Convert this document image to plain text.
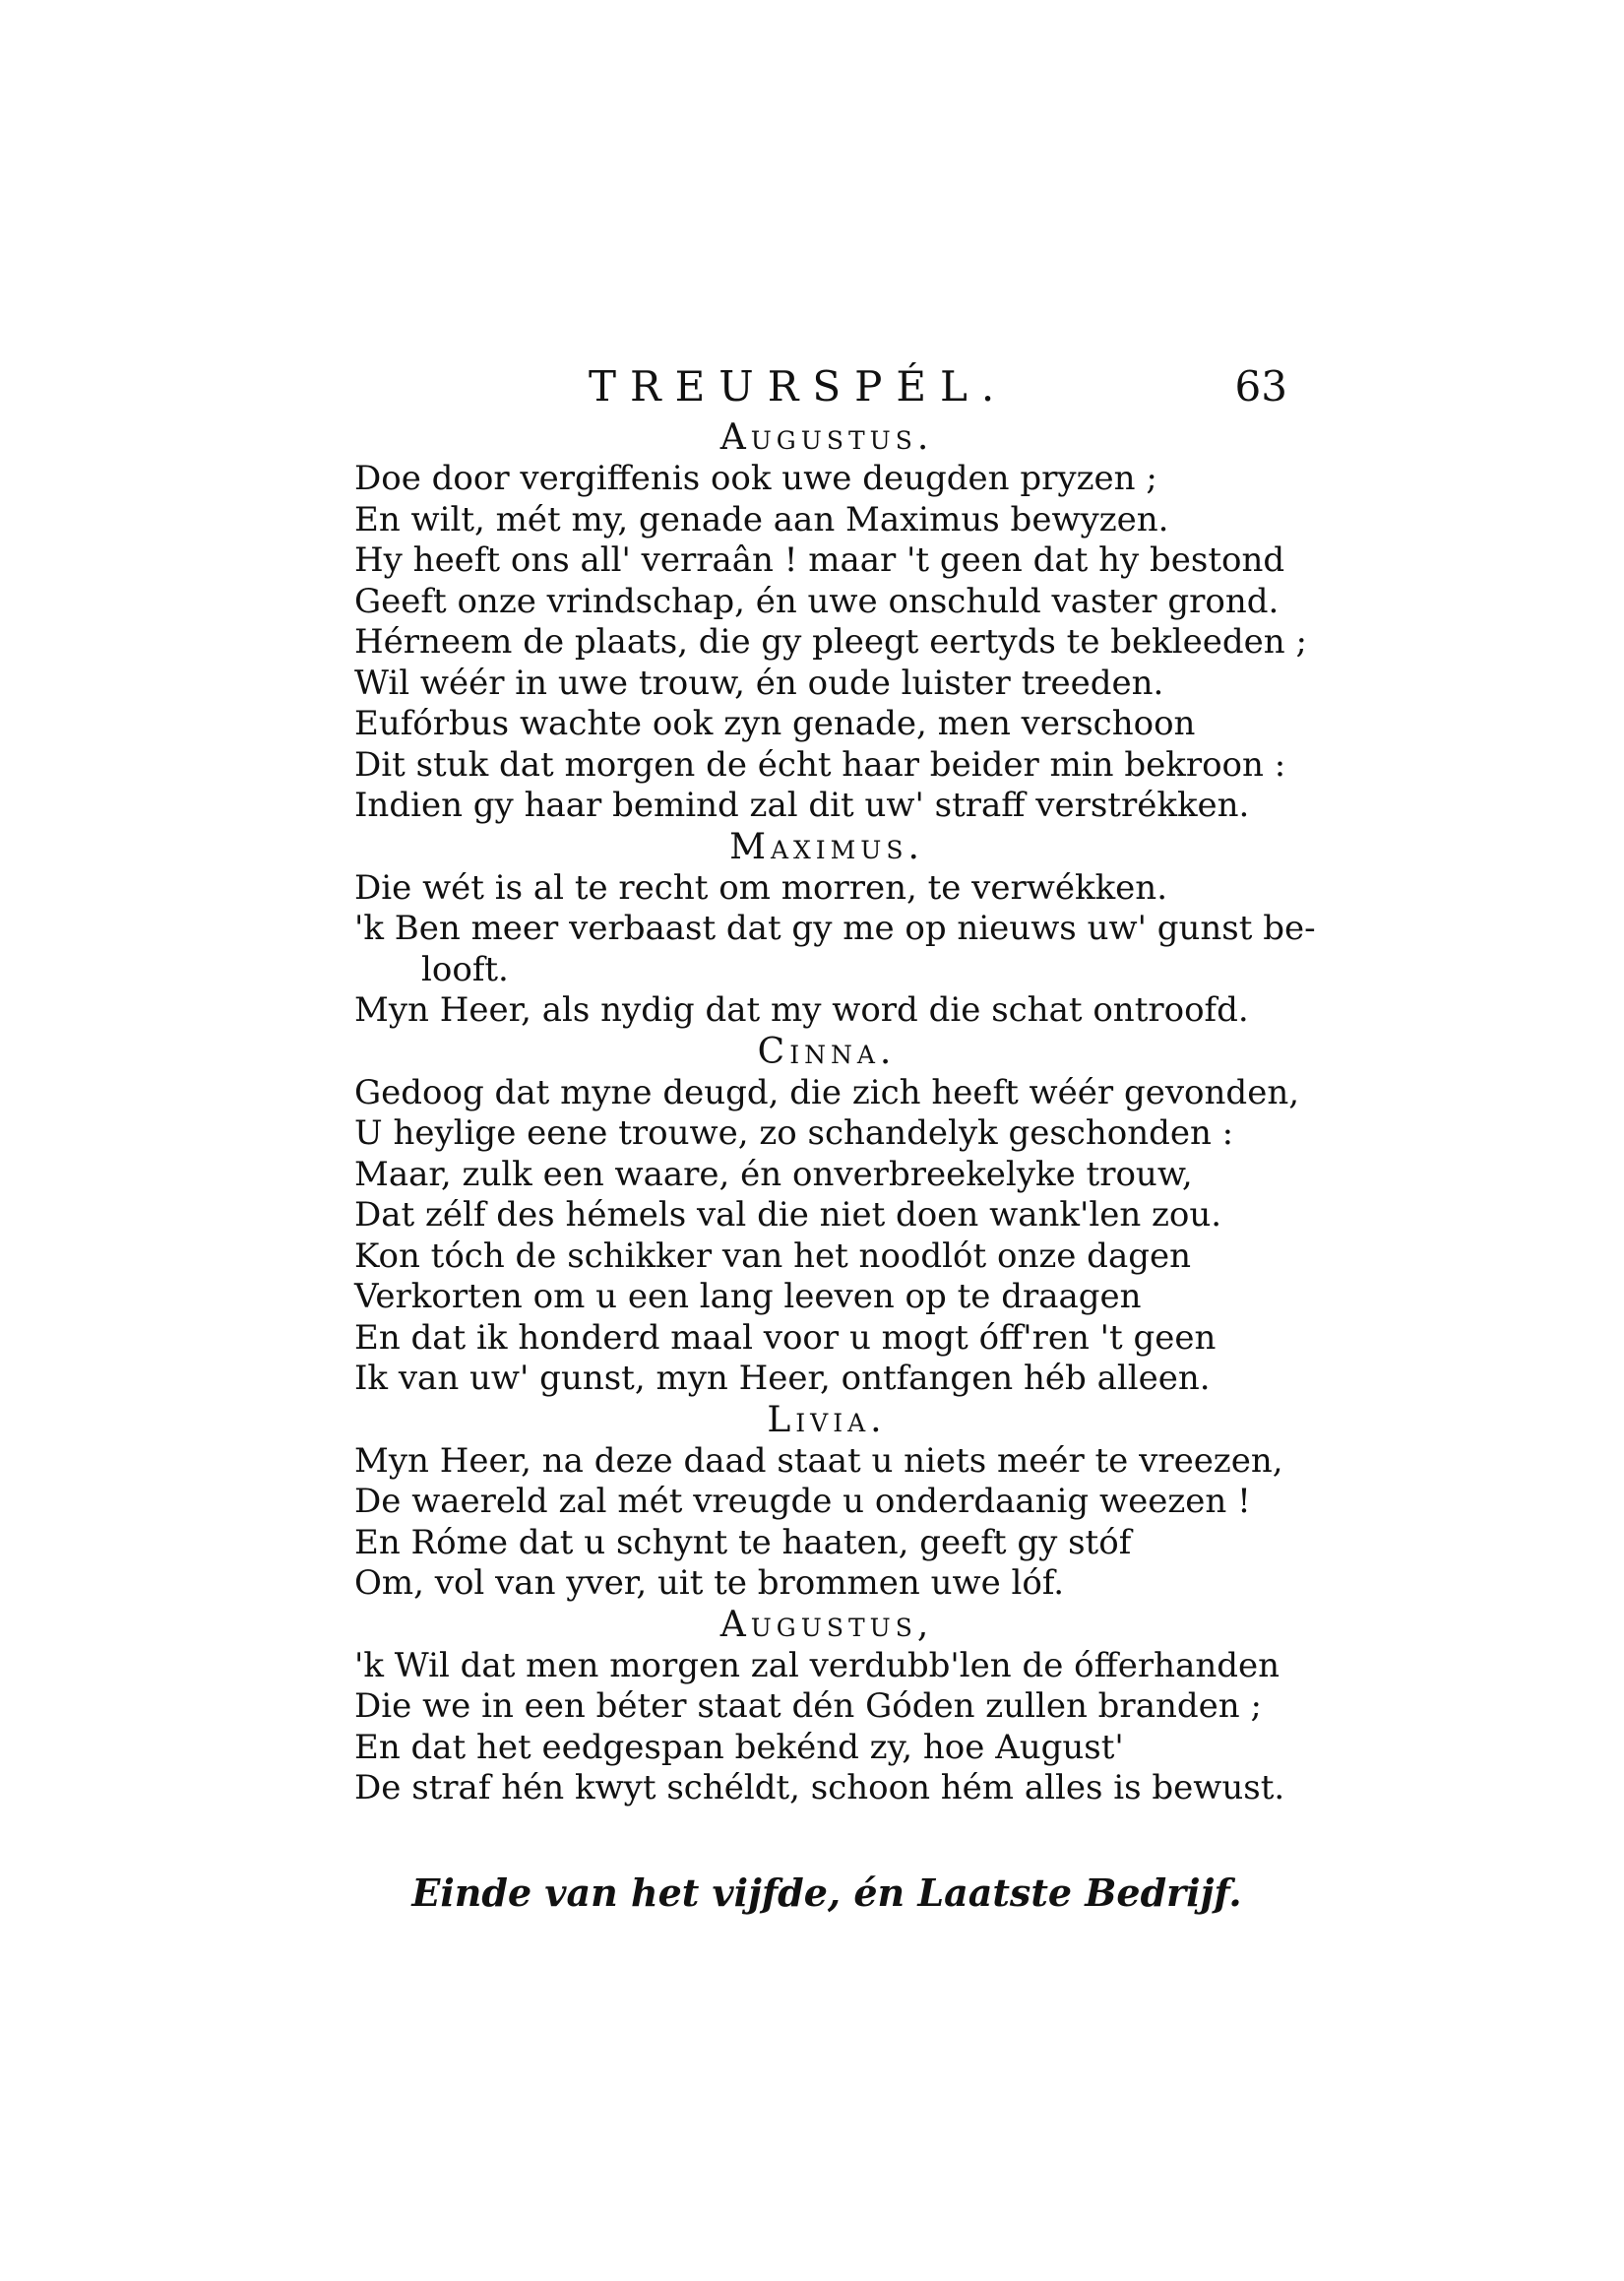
TREURSPÉL.	63
Augustus.
Doe door vergiffenis ook uwe deugden pryzen ;
En wilt, mét my, genade aan Maximus bewyzen.
Hy heeft ons all' verraân ! maar 't geen dat hy bestond
Geeft onze vrindschap, én uwe onschuld vaster grond.
Hérneem de plaats, die gy pleegt eertyds te bekleeden ;
Wil wéér in uwe trouw, én oude luister treeden.
Eufórbus wachte ook zyn genade, men verschoon
Dit stuk dat morgen de écht haar beider min bekroon :
Indien gy haar bemind zal dit uw' straff verstrékken.
Maximus.
Die wét is al te recht om morren, te verwékken.
'k Ben meer verbaast dat gy me op nieuws uw' gunst be-
looft.
Myn Heer, als nydig dat my word die schat ontroofd.
Cinna.
Gedoog dat myne deugd, die zich heeft wéér gevonden,
U heylige eene trouwe, zo schandelyk geschonden :
Maar, zulk een waare, én onverbreekelyke trouw,
Dat zélf des hémels val die niet doen wank'len zou.
Kon tóch de schikker van het noodlót onze dagen
Verkorten om u een lang leeven op te draagen
En dat ik honderd maal voor u mogt óff'ren 't geen
Ik van uw' gunst, myn Heer, ontfangen héb alleen.
Livia.
Myn Heer, na deze daad staat u niets meér te vreezen,
De waereld zal mét vreugde u onderdaanig weezen !
En Róme dat u schynt te haaten, geeft gy stóf
Om, vol van yver, uit te brommen uwe lóf.
Augustus,
'k Wil dat men morgen zal verdubb'len de ófferhanden
Die we in een béter staat dén Góden zullen branden ;
En dat het eedgespan bekénd zy, hoe August'
De straf hén kwyt schéldt, schoon hém alles is bewust.
Einde van het vijfde, én Laatste Bedrijf.
